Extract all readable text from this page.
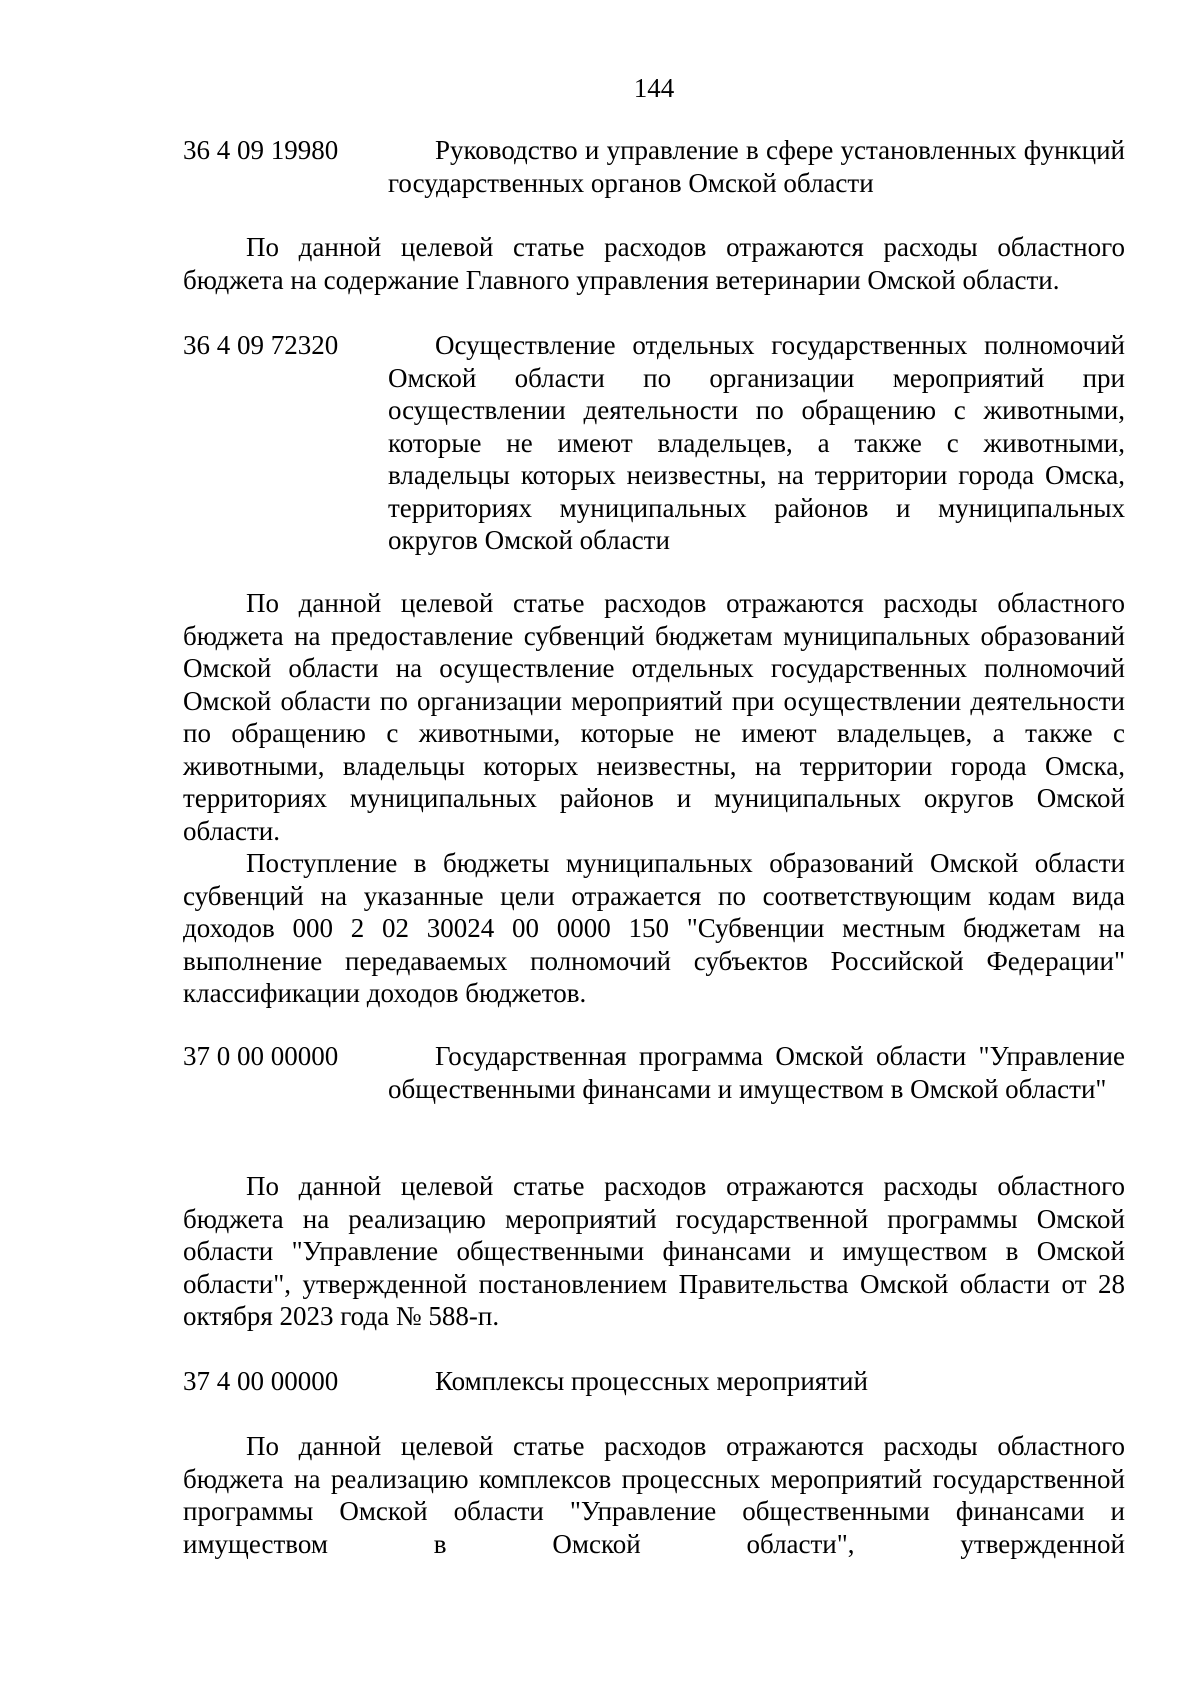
144
36 4 09 19980	Руководство и управление в сфере установленных функций государственных органов Омской области

По данной целевой статье расходов отражаются расходы областного бюджета на содержание Главного управления ветеринарии Омской области.

36 4 09 72320	Осуществление отдельных государственных полномочий Омской области по организации мероприятий при осуществлении деятельности по обращению с животными, которые не имеют владельцев, а также с животными, владельцы которых неизвестны, на территории города Омска, территориях муниципальных районов и муниципальных округов Омской области

По данной целевой статье расходов отражаются расходы областного бюджета на предоставление субвенций бюджетам муниципальных образований Омской области на осуществление отдельных государственных полномочий Омской области по организации мероприятий при осуществлении деятельности по обращению с животными, которые не имеют владельцев, а также с животными, владельцы которых неизвестны, на территории города Омска, территориях муниципальных районов и муниципальных округов Омской области.

Поступление в бюджеты муниципальных образований Омской области субвенций на указанные цели отражается по соответствующим кодам вида доходов 000 2 02 30024 00 0000 150 "Субвенции местным бюджетам на выполнение передаваемых полномочий субъектов Российской Федерации" классификации доходов бюджетов.

37 0 00 00000	Государственная программа Омской области "Управление общественными финансами и имуществом в Омской области"

По данной целевой статье расходов отражаются расходы областного бюджета на реализацию мероприятий государственной программы Омской области "Управление общественными финансами и имуществом в Омской области", утвержденной постановлением Правительства Омской области от 28 октября 2023 года № 588-п.

37 4 00 00000	Комплексы процессных мероприятий

По данной целевой статье расходов отражаются расходы областного бюджета на реализацию комплексов процессных мероприятий государственной программы Омской области "Управление общественными финансами и имуществом в Омской области", утвержденной
